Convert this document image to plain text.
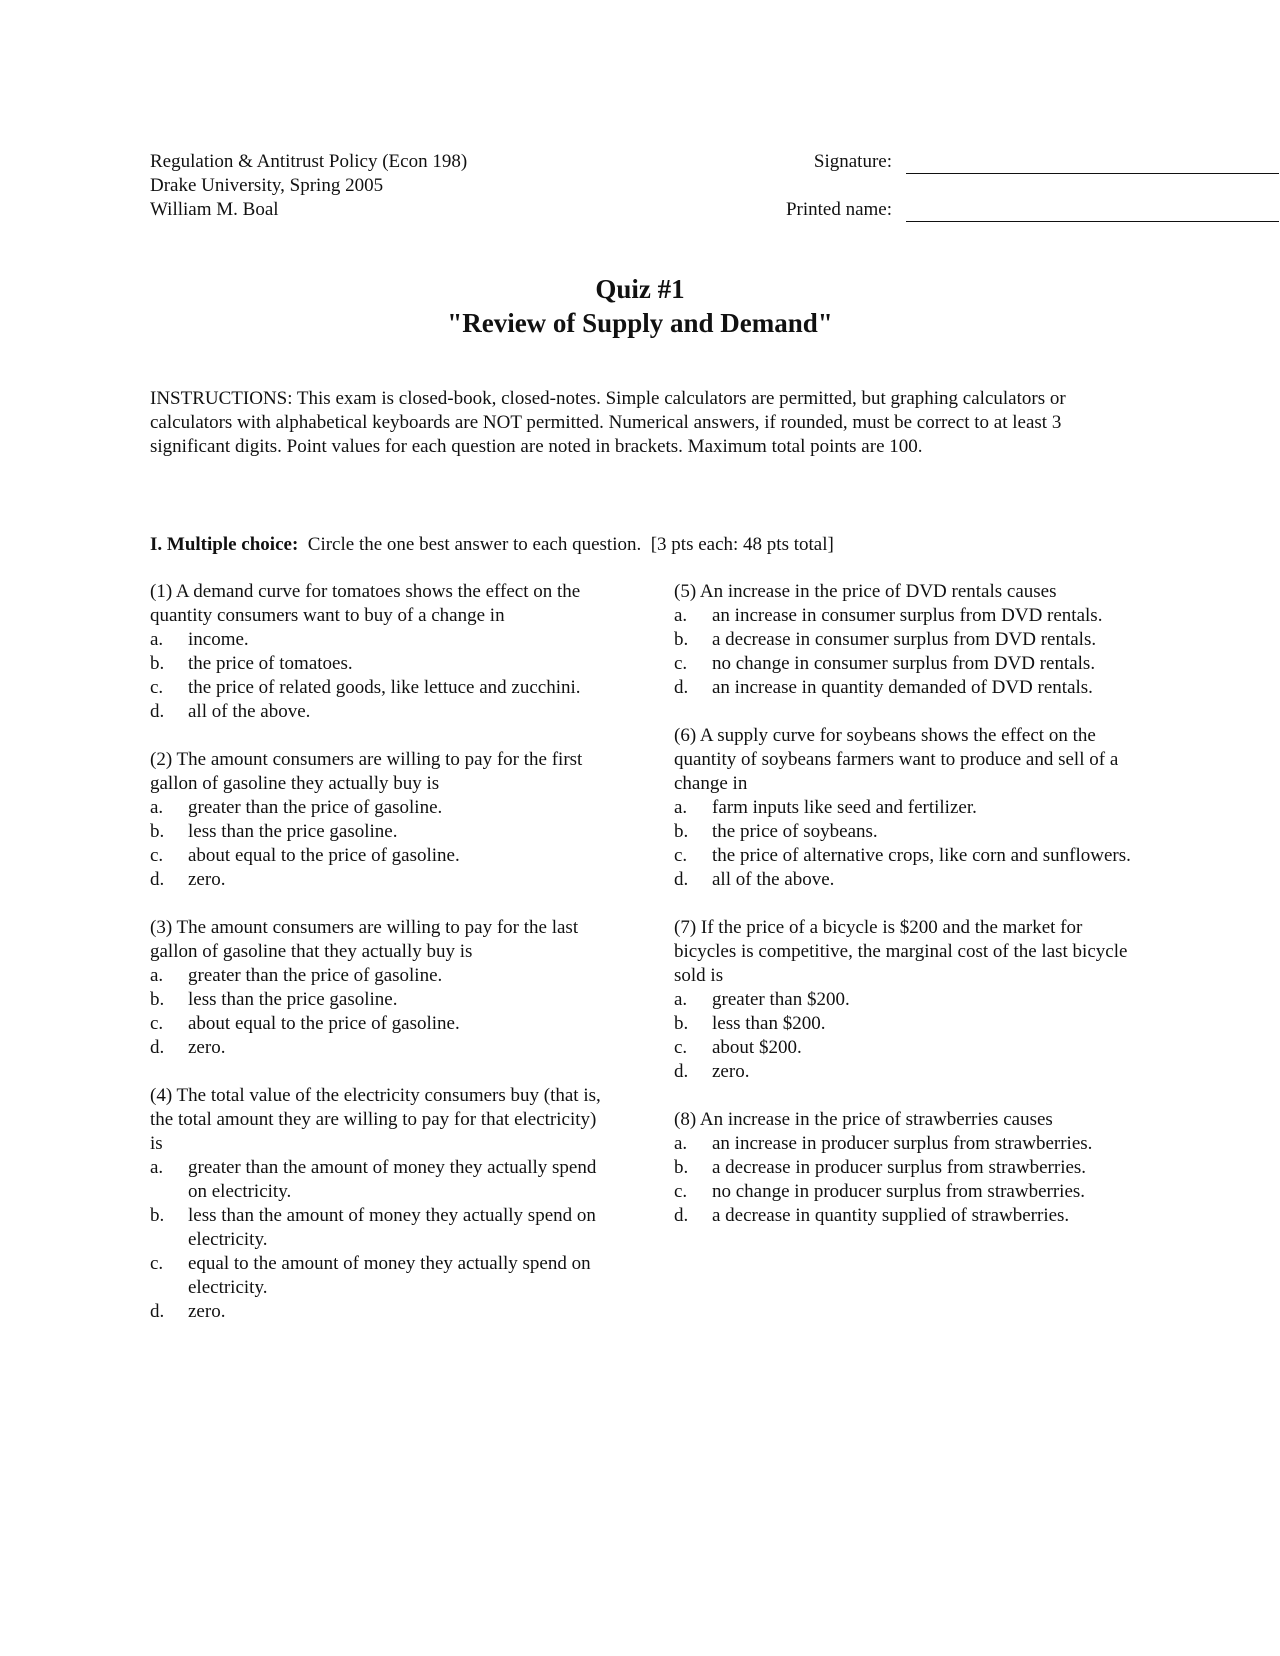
Regulation & Antitrust Policy (Econ 198)
Drake University, Spring 2005
William M. Boal
Signature:
Printed name:
Quiz #1
"Review of Supply and Demand"
INSTRUCTIONS: This exam is closed-book, closed-notes. Simple calculators are permitted, but graphing calculators or calculators with alphabetical keyboards are NOT permitted. Numerical answers, if rounded, must be correct to at least 3 significant digits. Point values for each question are noted in brackets. Maximum total points are 100.
I. Multiple choice:  Circle the one best answer to each question.  [3 pts each: 48 pts total]
(1) A demand curve for tomatoes shows the effect on the quantity consumers want to buy of a change in
a.	income.
b.	the price of tomatoes.
c.	the price of related goods, like lettuce and zucchini.
d.	all of the above.
(2) The amount consumers are willing to pay for the first gallon of gasoline they actually buy is
a.	greater than the price of gasoline.
b.	less than the price gasoline.
c.	about equal to the price of gasoline.
d.	zero.
(3) The amount consumers are willing to pay for the last gallon of gasoline that they actually buy is
a.	greater than the price of gasoline.
b.	less than the price gasoline.
c.	about equal to the price of gasoline.
d.	zero.
(4) The total value of the electricity consumers buy (that is, the total amount they are willing to pay for that electricity) is
a.	greater than the amount of money they actually spend on electricity.
b.	less than the amount of money they actually spend on electricity.
c.	equal to the amount of money they actually spend on electricity.
d.	zero.
(5) An increase in the price of DVD rentals causes
a.	an increase in consumer surplus from DVD rentals.
b.	a decrease in consumer surplus from DVD rentals.
c.	no change in consumer surplus from DVD rentals.
d.	an increase in quantity demanded of DVD rentals.
(6) A supply curve for soybeans shows the effect on the quantity of soybeans farmers want to produce and sell of a change in
a.	farm inputs like seed and fertilizer.
b.	the price of soybeans.
c.	the price of alternative crops, like corn and sunflowers.
d.	all of the above.
(7) If the price of a bicycle is $200 and the market for bicycles is competitive, the marginal cost of the last bicycle sold is
a.	greater than $200.
b.	less than $200.
c.	about $200.
d.	zero.
(8) An increase in the price of strawberries causes
a.	an increase in producer surplus from strawberries.
b.	a decrease in producer surplus from strawberries.
c.	no change in producer surplus from strawberries.
d.	a decrease in quantity supplied of strawberries.
